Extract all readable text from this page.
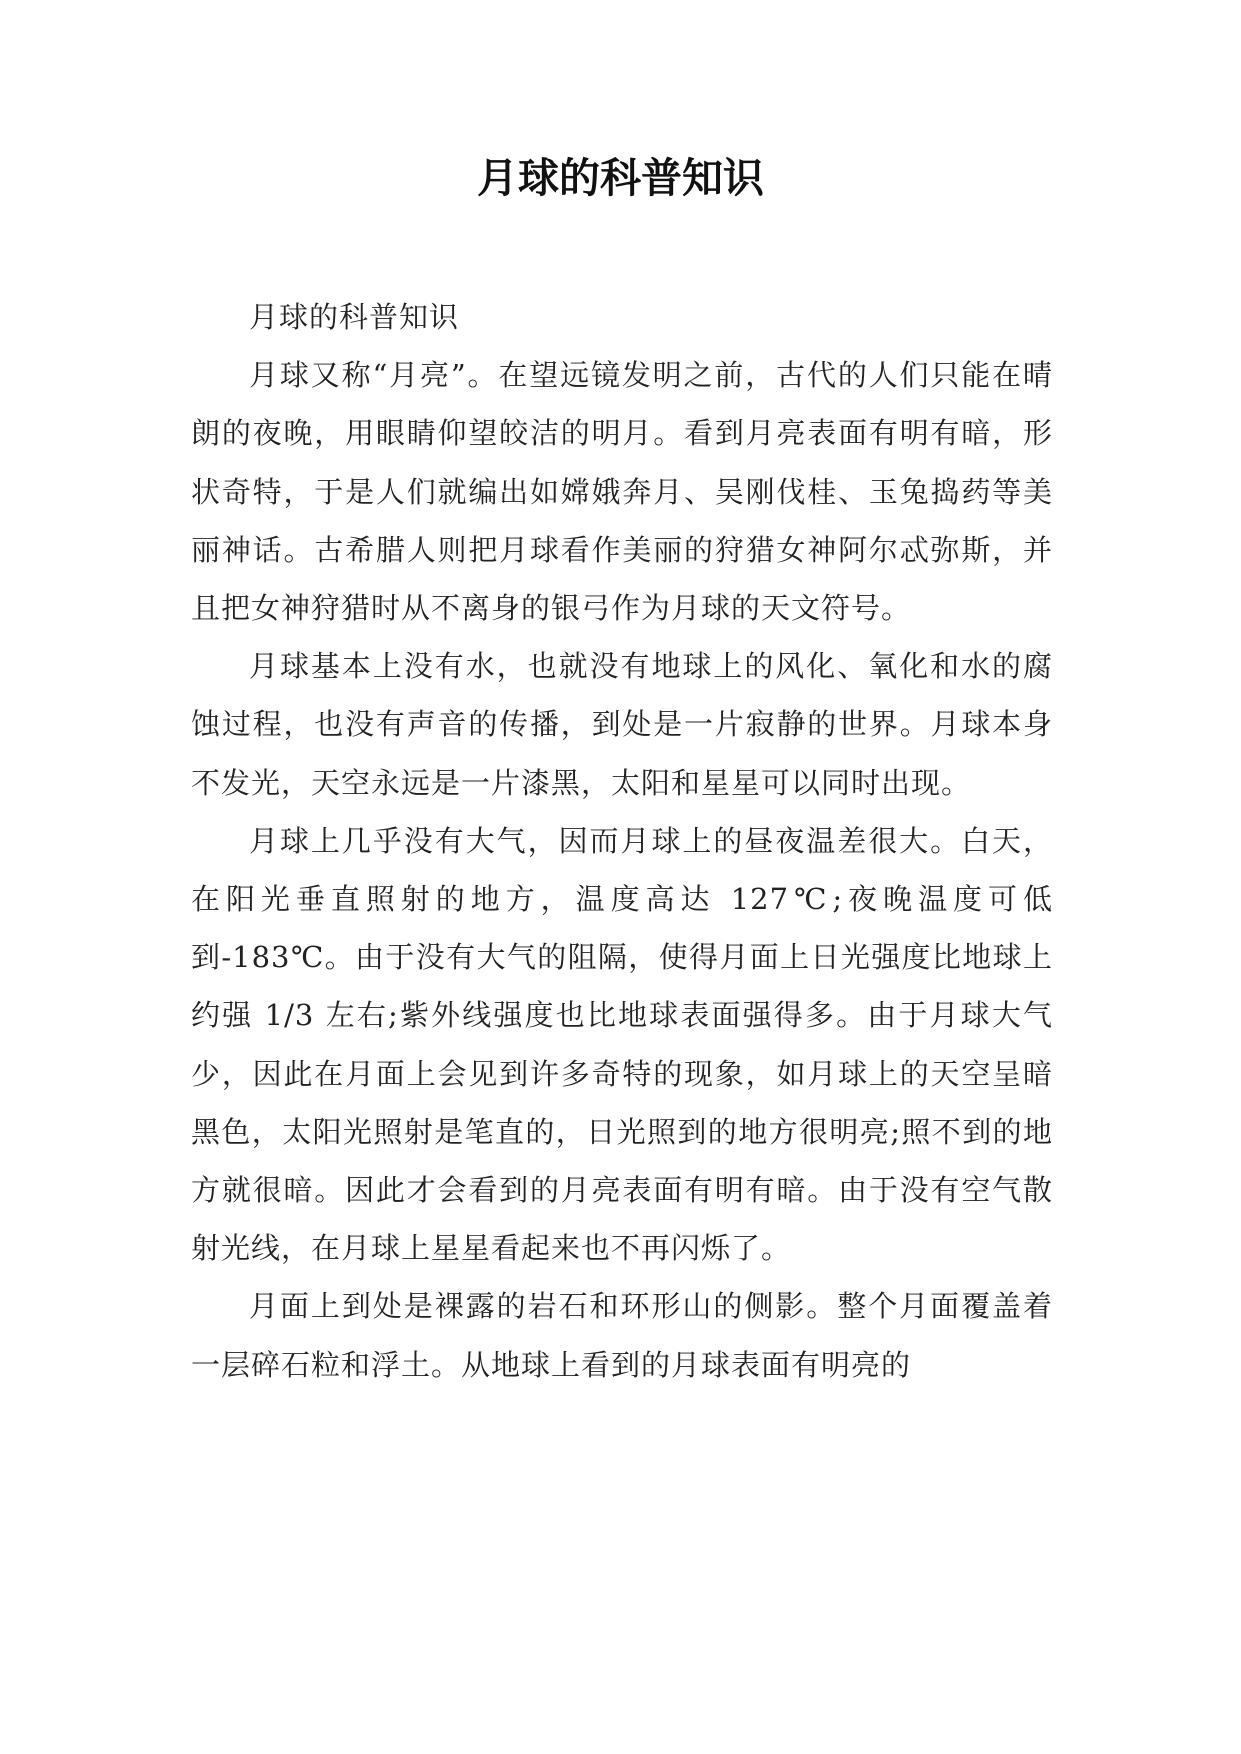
月球的科普知识

月球的科普知识

月球又称“月亮”。在望远镜发明之前，古代的人们只能在晴朗的夜晚，用眼睛仰望皎洁的明月。看到月亮表面有明有暗，形状奇特，于是人们就编出如嫦娥奔月、吴刚伐桂、玉兔捣药等美丽神话。古希腊人则把月球看作美丽的狩猎女神阿尔忒弥斯，并且把女神狩猎时从不离身的银弓作为月球的天文符号。

月球基本上没有水，也就没有地球上的风化、氧化和水的腐蚀过程，也没有声音的传播，到处是一片寂静的世界。月球本身不发光，天空永远是一片漆黑，太阳和星星可以同时出现。

月球上几乎没有大气，因而月球上的昼夜温差很大。白天，在阳光垂直照射的地方，温度高达 127℃;夜晚温度可低到-183℃。由于没有大气的阻隔，使得月面上日光强度比地球上约强 1/3 左右;紫外线强度也比地球表面强得多。由于月球大气少，因此在月面上会见到许多奇特的现象，如月球上的天空呈暗黑色，太阳光照射是笔直的，日光照到的地方很明亮;照不到的地方就很暗。因此才会看到的月亮表面有明有暗。由于没有空气散射光线，在月球上星星看起来也不再闪烁了。

月面上到处是裸露的岩石和环形山的侧影。整个月面覆盖着一层碎石粒和浮土。从地球上看到的月球表面有明亮的
